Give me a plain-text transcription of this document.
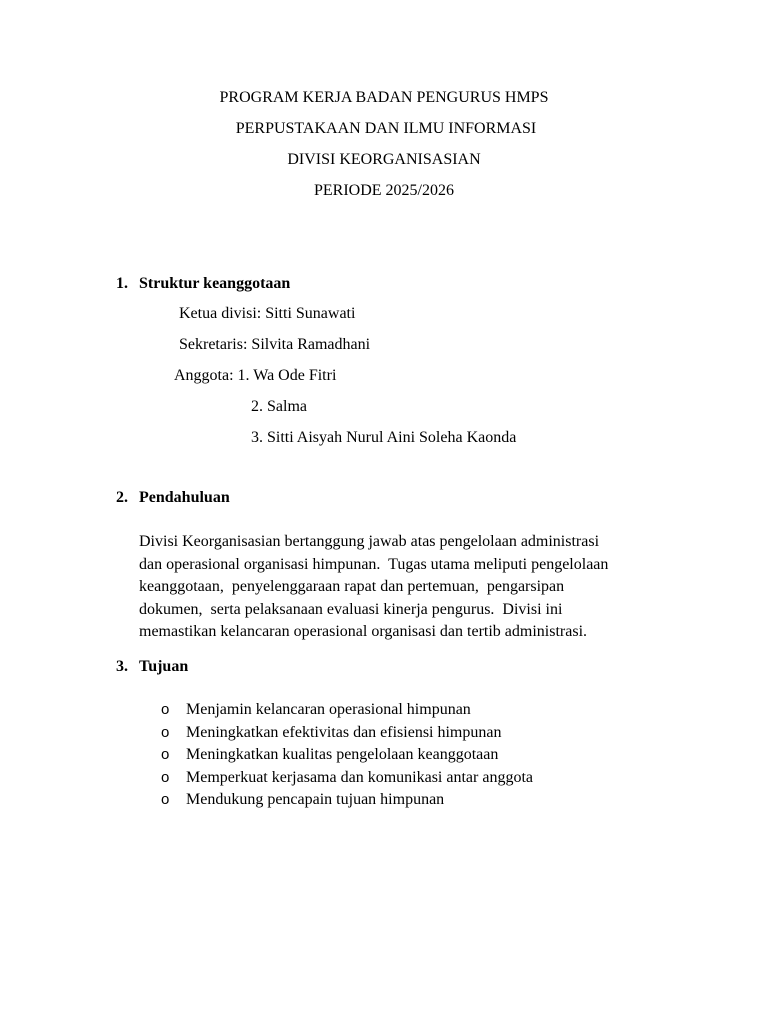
PROGRAM KERJA BADAN PENGURUS HMPS
PERPUSTAKAAN DAN ILMU INFORMASI
DIVISI KEORGANISASIAN
PERIODE 2025/2026
1. Struktur keanggotaan
Ketua divisi: Sitti Sunawati
Sekretaris: Silvita Ramadhani
Anggota: 1. Wa Ode Fitri
2. Salma
3. Sitti Aisyah Nurul Aini Soleha Kaonda
2. Pendahuluan
Divisi Keorganisasian bertanggung jawab atas pengelolaan administrasi
dan operasional organisasi himpunan.  Tugas utama meliputi pengelolaan
keanggotaan,  penyelenggaraan rapat dan pertemuan,  pengarsipan
dokumen,  serta pelaksanaan evaluasi kinerja pengurus.  Divisi ini
memastikan kelancaran operasional organisasi dan tertib administrasi.
3. Tujuan
o	Menjamin kelancaran operasional himpunan
o	Meningkatkan efektivitas dan efisiensi himpunan
o	Meningkatkan kualitas pengelolaan keanggotaan
o	Memperkuat kerjasama dan komunikasi antar anggota
o	Mendukung pencapain tujuan himpunan
